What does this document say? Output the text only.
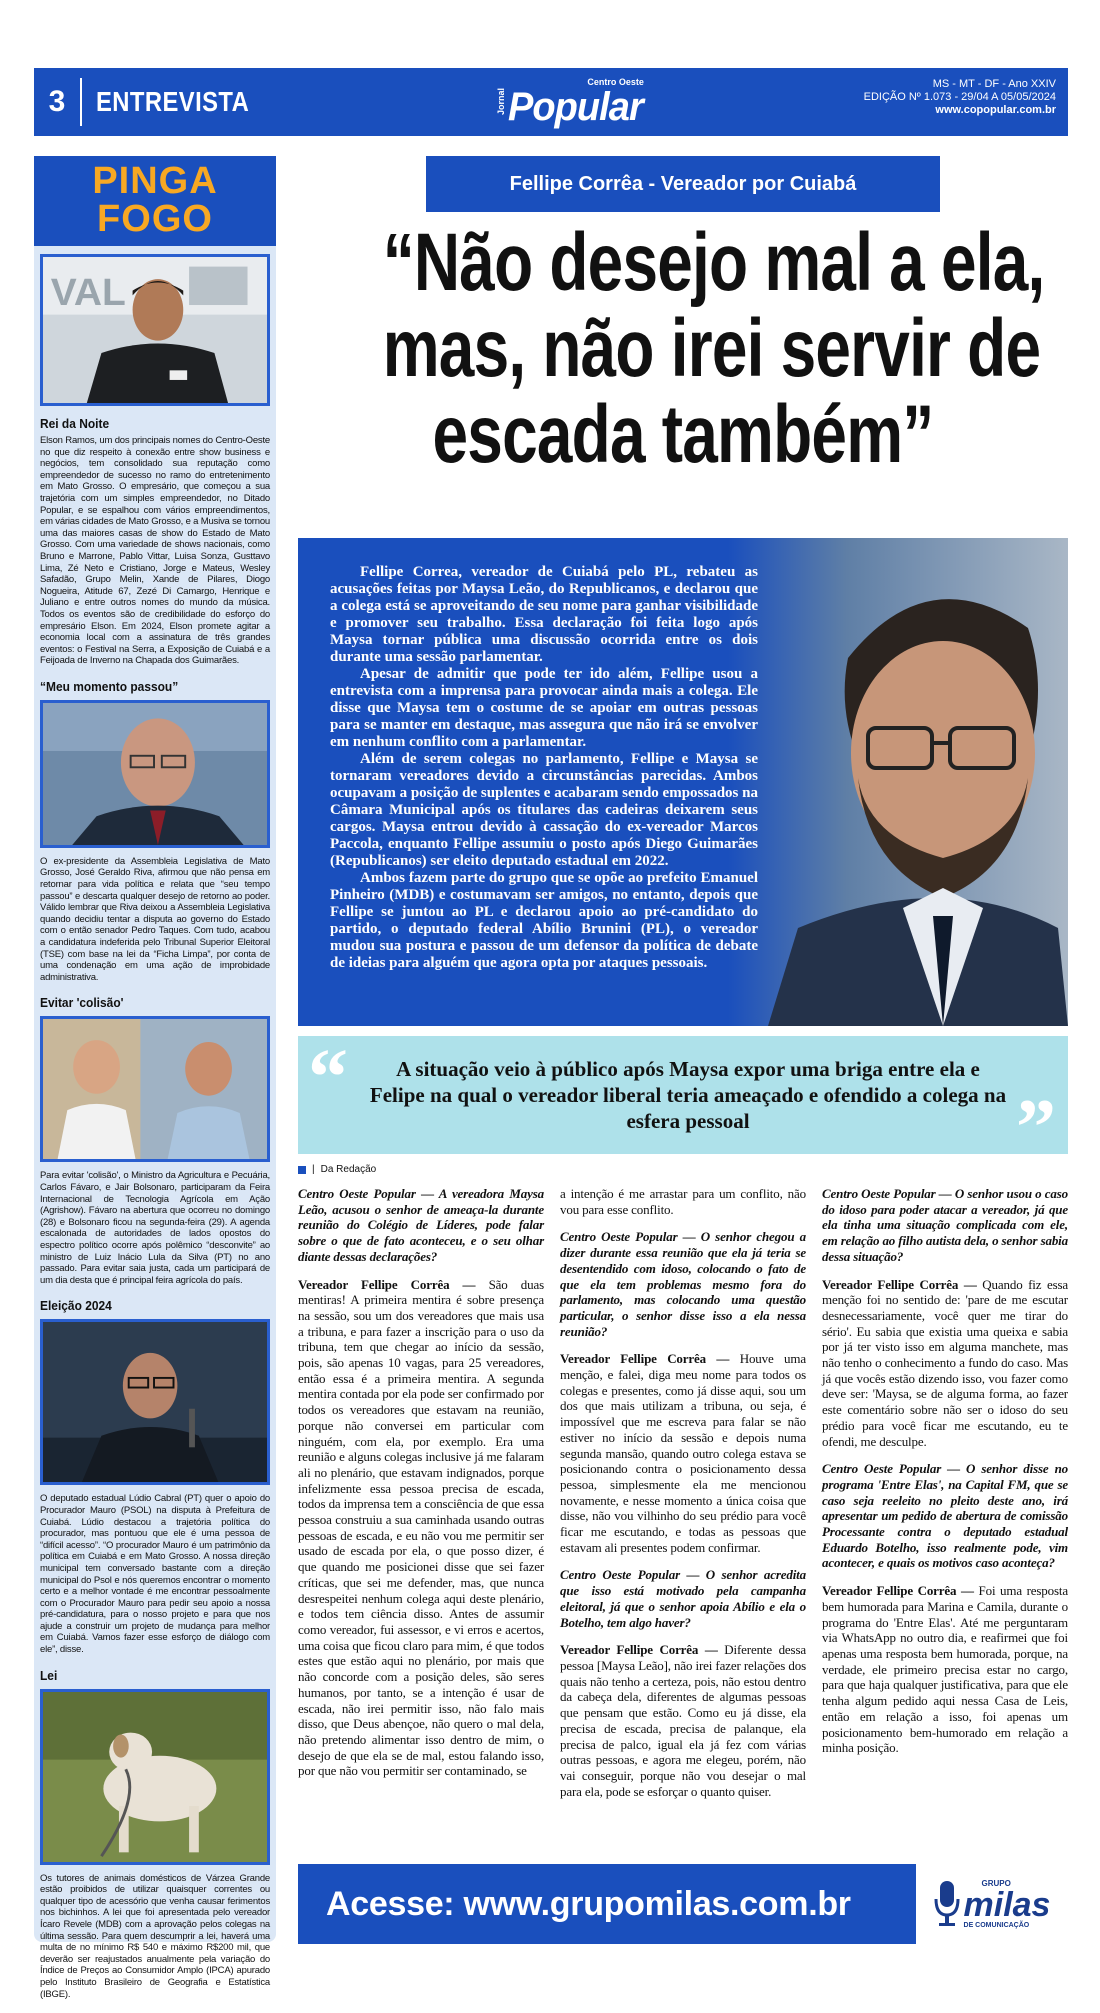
3	ENTREVISTA	Jornal
Centro Oeste
Popular
MS - MT - DF - Ano XXIV
EDIÇÃO Nº 1.073 - 29/04 A 05/05/2024
www.copopular.com.br
PINGA
FOGO
VAL
Rei da Noite
Elson Ramos, um dos principais nomes do Centro-Oeste no que diz respeito à conexão entre show business e negócios, tem consolidado sua reputação como empreendedor de sucesso no ramo do entretenimento em Mato Grosso. O empresário, que começou a sua trajetória com um simples empreendedor, no Ditado Popular, e se espalhou com vários empreendimentos, em várias cidades de Mato Grosso, e a Musiva se tornou uma das maiores casas de show do Estado de Mato Grosso. Com uma variedade de shows nacionais, como Bruno e Marrone, Pablo Vittar, Luisa Sonza, Gusttavo Lima, Zé Neto e Cristiano, Jorge e Mateus, Wesley Safadão, Grupo Melin, Xande de Pilares, Diogo Nogueira, Atitude 67, Zezé Di Camargo, Henrique e Juliano e entre outros nomes do mundo da música. Todos os eventos são de credibilidade do esforço do empresário Elson. Em 2024, Elson promete agitar a economia local com a assinatura de três grandes eventos: o Festival na Serra, a Exposição de Cuiabá e a Feijoada de Inverno na Chapada dos Guimarães.
“Meu momento passou”
O ex-presidente da Assembleia Legislativa de Mato Grosso, José Geraldo Riva, afirmou que não pensa em retornar para vida política e relata que “seu tempo passou” e descarta qualquer desejo de retorno ao poder. Válido lembrar que Riva deixou a Assembleia Legislativa quando decidiu tentar a disputa ao governo do Estado com o então senador Pedro Taques. Com tudo, acabou a candidatura indeferida pelo Tribunal Superior Eleitoral (TSE) com base na lei da “Ficha Limpa”, por conta de uma condenação em uma ação de improbidade administrativa.
Evitar 'colisão'
Para evitar 'colisão', o Ministro da Agricultura e Pecuária, Carlos Fávaro, e Jair Bolsonaro, participaram da Feira Internacional de Tecnologia Agrícola em Ação (Agrishow). Fávaro na abertura que ocorreu no domingo (28) e Bolsonaro ficou na segunda-feira (29). A agenda escalonada de autoridades de lados opostos do espectro político ocorre após polêmico “desconvite” ao ministro de Luiz Inácio Lula da Silva (PT) no ano passado. Para evitar saia justa, cada um participará de um dia desta que é principal feira agrícola do país.
Eleição 2024
O deputado estadual Lúdio Cabral (PT) quer o apoio do Procurador Mauro (PSOL) na disputa à Prefeitura de Cuiabá. Lúdio destacou a trajetória política do procurador, mas pontuou que ele é uma pessoa de “difícil acesso”. “O procurador Mauro é um patrimônio da política em Cuiabá e em Mato Grosso. A nossa direção municipal tem conversado bastante com a direção municipal do Psol e nós queremos encontrar o momento certo e a melhor vontade é me encontrar pessoalmente com o Procurador Mauro para pedir seu apoio a nossa pré-candidatura, para o nosso projeto e para que nos ajude a construir um projeto de mudança para melhor em Cuiabá. Vamos fazer esse esforço de diálogo com ele”, disse.
Lei
Os tutores de animais domésticos de Várzea Grande estão proibidos de utilizar quaisquer correntes ou qualquer tipo de acessório que venha causar ferimentos nos bichinhos. A lei que foi apresentada pelo vereador Ícaro Revele (MDB) com a aprovação pelos colegas na última sessão. Para quem descumprir a lei, haverá uma multa de no mínimo R$ 540 e máximo R$200 mil, que deverão ser reajustados anualmente pela variação do Índice de Preços ao Consumidor Amplo (IPCA) apurado pelo Instituto Brasileiro de Geografia e Estatística (IBGE).
Fellipe Corrêa - Vereador por Cuiabá
“Não desejo mal a ela,
mas, não irei servir de
escada também”

Fellipe Correa, vereador de Cuiabá pelo PL, rebateu as acusações feitas por Maysa Leão, do Republicanos, e declarou que a colega está se aproveitando de seu nome para ganhar visibilidade e promover seu trabalho. Essa declaração foi feita logo após Maysa tornar pública uma discussão ocorrida entre os dois durante uma sessão parlamentar.

Apesar de admitir que pode ter ido além, Fellipe usou a entrevista com a imprensa para provocar ainda mais a colega. Ele disse que Maysa tem o costume de se apoiar em outras pessoas para se manter em destaque, mas assegura que não irá se envolver em nenhum conflito com a parlamentar.

Além de serem colegas no parlamento, Fellipe e Maysa se tornaram vereadores devido a circunstâncias parecidas. Ambos ocupavam a posição de suplentes e acabaram sendo empossados na Câmara Municipal após os titulares das cadeiras deixarem seus cargos. Maysa entrou devido à cassação do ex-vereador Marcos Paccola, enquanto Fellipe assumiu o posto após Diego Guimarães (Republicanos) ser eleito deputado estadual em 2022.

Ambos fazem parte do grupo que se opõe ao prefeito Emanuel Pinheiro (MDB) e costumavam ser amigos, no entanto, depois que Fellipe se juntou ao PL e declarou apoio ao pré-candidato do partido, o deputado federal Abílio Brunini (PL), o vereador mudou sua postura e passou de um defensor da política de debate de ideias para alguém que agora opta por ataques pessoais.

“	A situação veio à público após Maysa expor uma briga entre ela e Felipe na qual o vereador liberal teria ameaçado e ofendido a colega na esfera pessoal	”
| Da Redação

Centro Oeste Popular — A vereadora Maysa Leão, acusou o senhor de ameaça-la durante reunião do Colégio de Líderes, pode falar sobre o que de fato aconteceu, e o seu olhar diante dessas declarações?

Vereador Fellipe Corrêa — São duas mentiras! A primeira mentira é sobre presença na sessão, sou um dos vereadores que mais usa a tribuna, e para fazer a inscrição para o uso da tribuna, tem que chegar ao início da sessão, pois, são apenas 10 vagas, para 25 vereadores, então essa é a primeira mentira. A segunda mentira contada por ela pode ser confirmado por todos os vereadores que estavam na reunião, porque não conversei em particular com ninguém, com ela, por exemplo. Era uma reunião e alguns colegas inclusive já me falaram ali no plenário, que estavam indignados, porque infelizmente essa pessoa precisa de escada, todos da imprensa tem a consciência de que essa pessoa construiu a sua caminhada usando outras pessoas de escada, e eu não vou me permitir ser usado de escada por ela, o que posso dizer, é que quando me posicionei disse que sei fazer críticas, que sei me defender, mas, que nunca desrespeitei nenhum colega aqui deste plenário, e todos tem ciência disso. Antes de assumir como vereador, fui assessor, e vi erros e acertos, uma coisa que ficou claro para mim, é que todos estes que estão aqui no plenário, por mais que não concorde com a posição deles, são seres humanos, por tanto, se a intenção é usar de escada, não irei permitir isso, não falo mais disso, que Deus abençoe, não quero o mal dela, não pretendo alimentar isso dentro de mim, o desejo de que ela se de mal, estou falando isso, por que não vou permitir ser contaminado, se

a intenção é me arrastar para um conflito, não vou para esse conflito.

Centro Oeste Popular — O senhor chegou a dizer durante essa reunião que ela já teria se desentendido com idoso, colocando o fato de que ela tem problemas mesmo fora do parlamento, mas colocando uma questão particular, o senhor disse isso a ela nessa reunião?

Vereador Fellipe Corrêa — Houve uma menção, e falei, diga meu nome para todos os colegas e presentes, como já disse aqui, sou um dos que mais utilizam a tribuna, ou seja, é impossível que me escreva para falar se não estiver no início da sessão e depois numa segunda mansão, quando outro colega estava se posicionando contra o posicionamento dessa pessoa, simplesmente ela me mencionou novamente, e nesse momento a única coisa que disse, não vou vilhinho do seu prédio para você ficar me escutando, e todas as pessoas que estavam ali presentes podem confirmar.

Centro Oeste Popular — O senhor acredita que isso está motivado pela campanha eleitoral, já que o senhor apoia Abílio e ela o Botelho, tem algo haver?

Vereador Fellipe Corrêa — Diferente dessa pessoa [Maysa Leão], não irei fazer relações dos quais não tenho a certeza, pois, não estou dentro da cabeça dela, diferentes de algumas pessoas que pensam que estão. Como eu já disse, ela precisa de escada, precisa de palanque, ela precisa de palco, igual ela já fez com várias outras pessoas, e agora me elegeu, porém, não vai conseguir, porque não vou desejar o mal para ela, pode se esforçar o quanto quiser.

Centro Oeste Popular — O senhor usou o caso do idoso para poder atacar a vereador, já que ela tinha uma situação complicada com ele, em relação ao filho autista dela, o senhor sabia dessa situação?

Vereador Fellipe Corrêa — Quando fiz essa menção foi no sentido de: 'pare de me escutar desnecessariamente, você quer me tirar do sério'. Eu sabia que existia uma queixa e sabia por já ter visto isso em alguma manchete, mas não tenho o conhecimento a fundo do caso. Mas já que vocês estão dizendo isso, vou fazer como deve ser: 'Maysa, se de alguma forma, ao fazer este comentário sobre não ser o idoso do seu prédio para você ficar me escutando, eu te ofendi, me desculpe.

Centro Oeste Popular — O senhor disse no programa 'Entre Elas', na Capital FM, que se caso seja reeleito no pleito deste ano, irá apresentar um pedido de abertura de comissão Processante contra o deputado estadual Eduardo Botelho, isso realmente pode, vim acontecer, e quais os motivos caso aconteça?

Vereador Fellipe Corrêa — Foi uma resposta bem humorada para Marina e Camila, durante o programa do 'Entre Elas'. Até me perguntaram via WhatsApp no outro dia, e reafirmei que foi apenas uma resposta bem humorada, porque, na verdade, ele primeiro precisa estar no cargo, para que haja qualquer justificativa, para que ele tenha algum pedido aqui nessa Casa de Leis, então em relação a isso, foi apenas um posicionamento bem-humorado em relação a minha posição.

Acesse: www.grupomilas.com.br
GRUPO
milas
DE COMUNICAÇÃO
